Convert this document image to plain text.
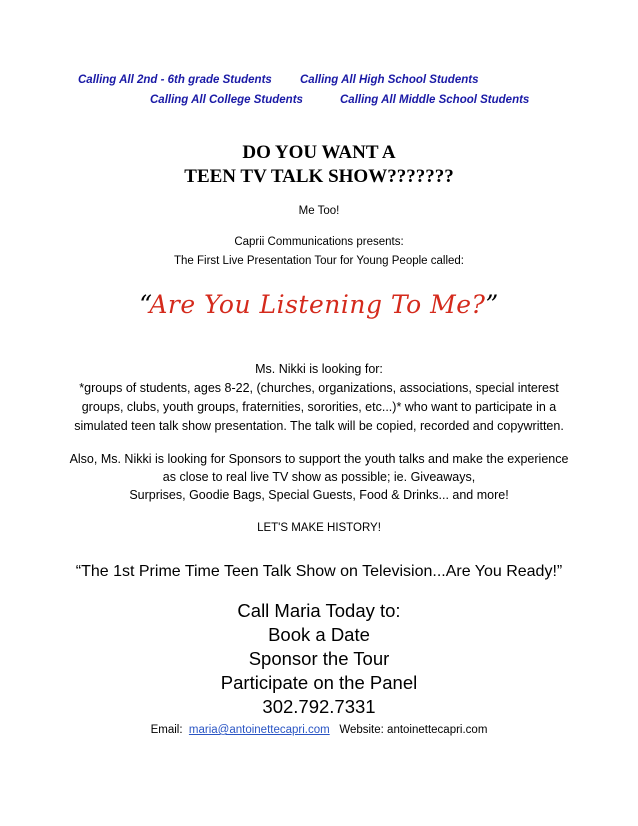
Calling All 2nd - 6th grade Students Calling All High School Students
Calling All College Students	Calling All Middle School Students
DO YOU WANT A
TEEN TV TALK SHOW???????
Me Too!
Caprii Communications presents:
The First Live Presentation Tour for Young People called:
“Are You Listening To Me?”
Ms. Nikki is looking for:
*groups of students, ages 8-22, (churches, organizations, associations, special interest
groups, clubs, youth groups, fraternities, sororities, etc...)* who want to participate in a
simulated teen talk show presentation. The talk will be copied, recorded and copywritten.
Also, Ms. Nikki is looking for Sponsors to support the youth talks and make the experience
as close to real live TV show as possible; ie. Giveaways,
Surprises, Goodie Bags, Special Guests, Food & Drinks... and more!
LET'S MAKE HISTORY!
“The 1st Prime Time Teen Talk Show on Television...Are You Ready!”
Call Maria Today to:
Book a Date
Sponsor the Tour
Participate on the Panel
302.792.7331
Email: maria@antoinettecapri.com Website: antoinettecapri.com
